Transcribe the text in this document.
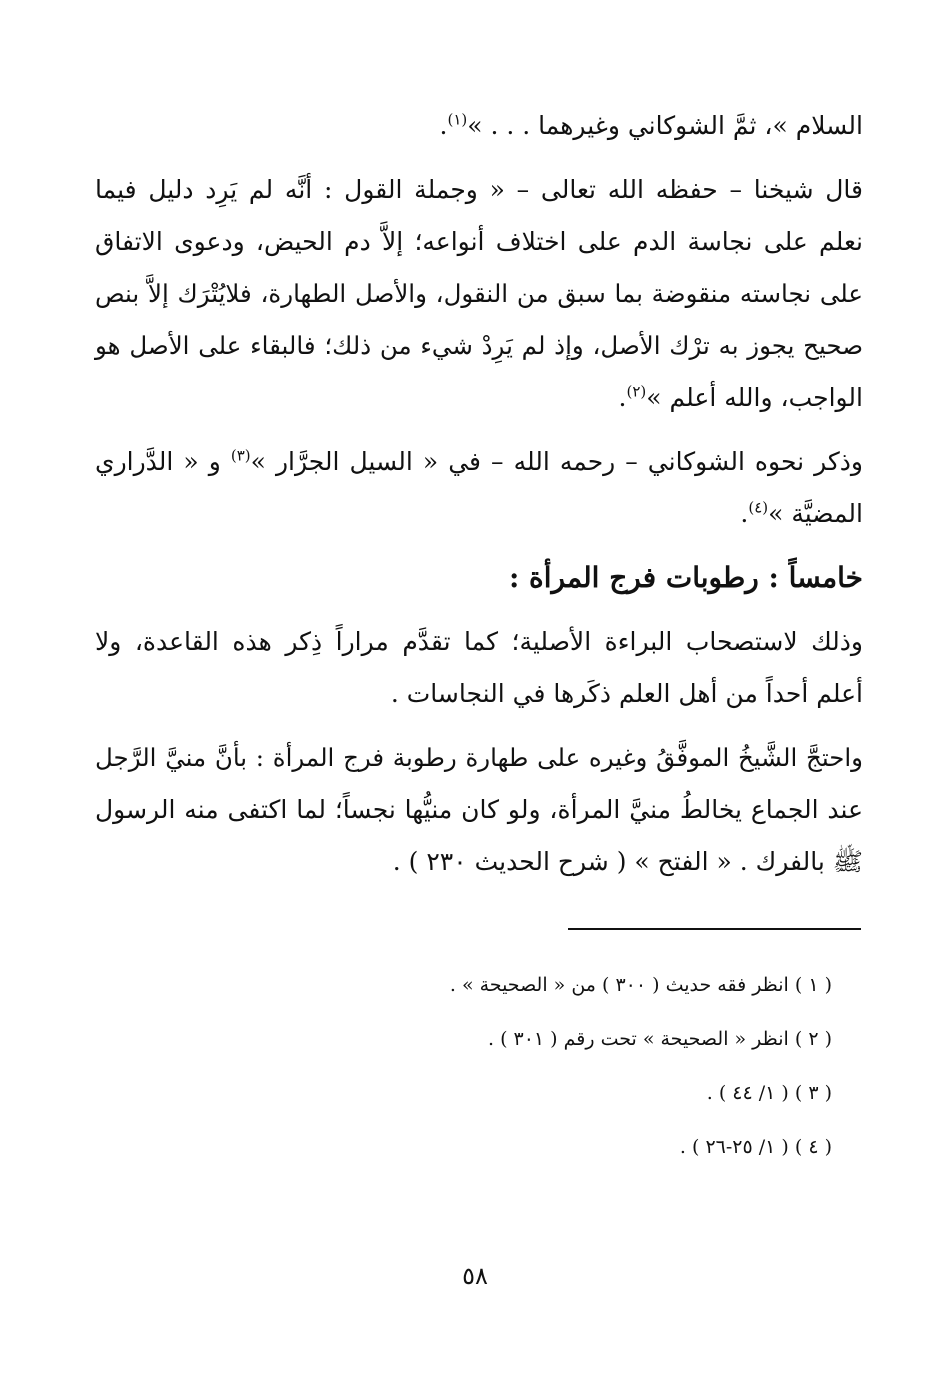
السلام »، ثمَّ الشوكاني وغيرهما . . . »$^{(١)}$.
قال شيخنا – حفظه الله تعالى – « وجملة القول : أنَّه لم يَرِد دليل فيما
نعلم على نجاسة الدم على اختلاف أنواعه؛ إلاَّ دم الحيض، ودعوى الاتفاق
على نجاسته منقوضة بما سبق من النقول، والأصل الطهارة، فلايُتْرَك إلاَّ بنص
صحيح يجوز به ترْك الأصل، وإذ لم يَرِدْ شيء من ذلك؛ فالبقاء على الأصل هو
الواجب، والله أعلم »$^{(٢)}$.
وذكر نحوه الشوكاني – رحمه الله – في « السيل الجرَّار »$^{(٣)}$ و « الدَّراري
المضيَّة »$^{(٤)}$.
خامساً : رطوبات فرج المرأة :
وذلك لاستصحاب البراءة الأصلية؛ كما تقدَّم مراراً ذِكر هذه القاعدة، ولا
أعلم أحداً من أهل العلم ذكَرها في النجاسات .
واحتجَّ الشَّيخُ الموفَّقُ وغيره على طهارة رطوبة فرج المرأة : بأنَّ منيَّ الرَّجل
عند الجماع يخالطُ منيَّ المرأة، ولو كان منيُّها نجساً؛ لما اكتفى منه الرسول
ﷺ بالفرك . « الفتح » ( شرح الحديث ٢٣٠ ) .
( ١ ) انظر فقه حديث ( ٣٠٠ ) من « الصحيحة » .
( ٢ ) انظر « الصحيحة » تحت رقم ( ٣٠١ ) .
( ٣ ) ( ١/ ٤٤ ) .
( ٤ ) ( ١/ ٢٥-٢٦ ) .
٥٨
